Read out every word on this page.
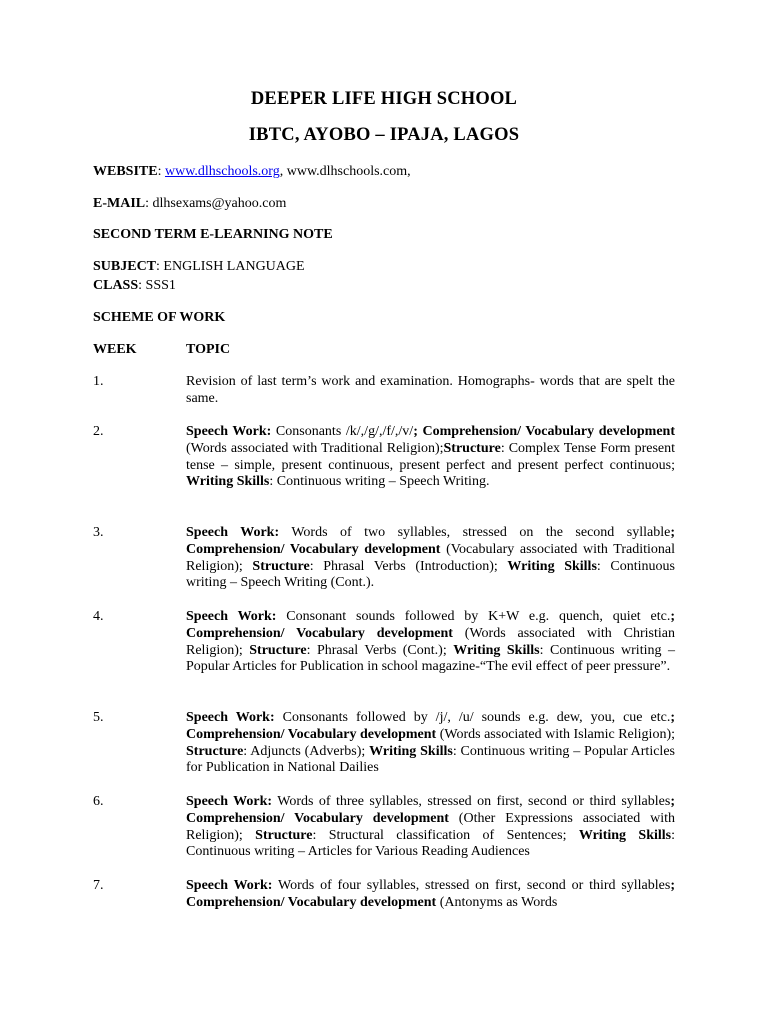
DEEPER LIFE HIGH SCHOOL
IBTC, AYOBO – IPAJA, LAGOS
WEBSITE: www.dlhschools.org, www.dlhschools.com,
E-MAIL: dlhsexams@yahoo.com
SECOND TERM E-LEARNING NOTE
SUBJECT: ENGLISH LANGUAGE
CLASS: SSS1
SCHEME OF WORK
WEEK	TOPIC
1.	Revision of last term’s work and examination. Homographs- words that are spelt the same.
2.	Speech Work: Consonants /k/,/g/,/f/,/v/; Comprehension/ Vocabulary development (Words associated with Traditional Religion);Structure: Complex Tense Form present tense – simple, present continuous, present perfect and present perfect continuous; Writing Skills: Continuous writing – Speech Writing.
3.	Speech Work: Words of two syllables, stressed on the second syllable; Comprehension/ Vocabulary development (Vocabulary associated with Traditional Religion); Structure: Phrasal Verbs (Introduction); Writing Skills: Continuous writing – Speech Writing (Cont.).
4.	Speech Work: Consonant sounds followed by K+W e.g. quench, quiet etc.; Comprehension/ Vocabulary development (Words associated with Christian Religion); Structure: Phrasal Verbs (Cont.); Writing Skills: Continuous writing – Popular Articles for Publication in school magazine-“The evil effect of peer pressure”.
5.	Speech Work: Consonants followed by /j/, /u/ sounds e.g. dew, you, cue etc.; Comprehension/ Vocabulary development (Words associated with Islamic Religion); Structure: Adjuncts (Adverbs); Writing Skills: Continuous writing – Popular Articles for Publication in National Dailies
6.	Speech Work: Words of three syllables, stressed on first, second or third syllables; Comprehension/ Vocabulary development (Other Expressions associated with Religion); Structure: Structural classification of Sentences; Writing Skills: Continuous writing – Articles for Various Reading Audiences
7.	Speech Work: Words of four syllables, stressed on first, second or third syllables; Comprehension/ Vocabulary development (Antonyms as Words
